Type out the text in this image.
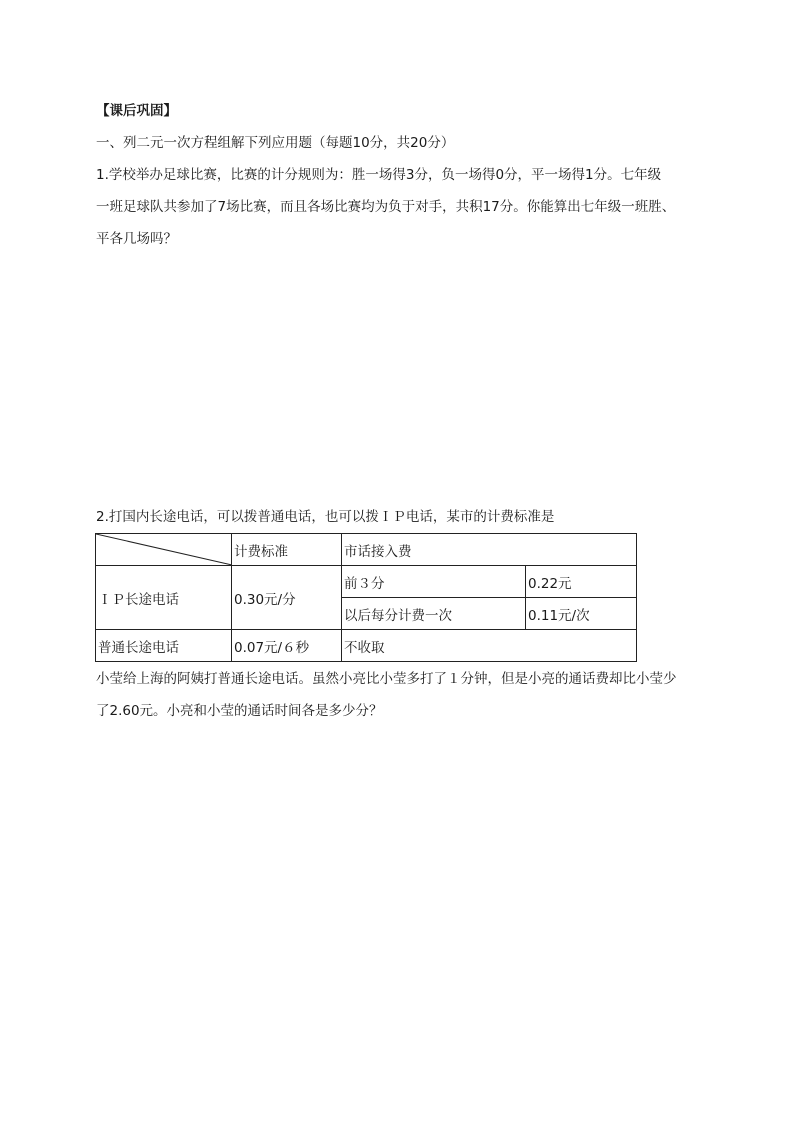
【课后巩固】
一、列二元一次方程组解下列应用题（每题10分，共20分）
1.学校举办足球比赛，比赛的计分规则为：胜一场得3分，负一场得0分，平一场得1分。七年级
一班足球队共参加了7场比赛，而且各场比赛均为负于对手，共积17分。你能算出七年级一班胜、
平各几场吗？
2.打国内长途电话，可以拨普通电话，也可以拨ＩＰ电话，某市的计费标准是
	计费标准	市话接入费	
ＩＰ长途电话	0.30元/分	前３分	0.22元
		以后每分计费一次	0.11元/次
普通长途电话	0.07元/６秒	不收取	
小莹给上海的阿姨打普通长途电话。虽然小亮比小莹多打了１分钟，但是小亮的通话费却比小莹少
了2.60元。小亮和小莹的通话时间各是多少分？
